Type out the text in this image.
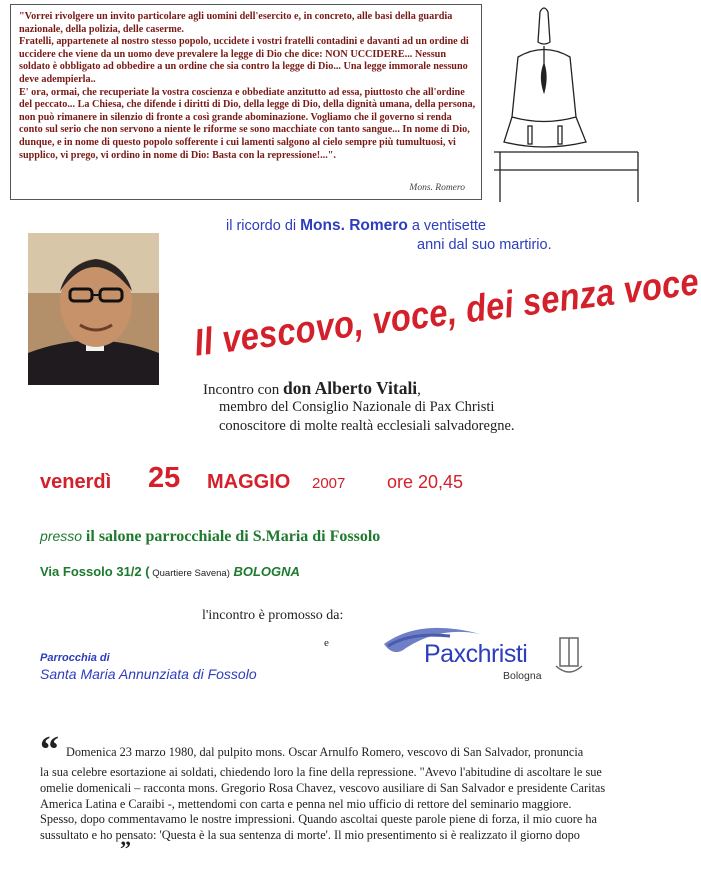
"Vorrei rivolgere un invito particolare agli uomini dell'esercito e, in concreto, alle basi della guardia nazionale, della polizia, delle caserme.

Fratelli, appartenete al nostro stesso popolo, uccidete i vostri fratelli contadini e davanti ad un ordine di uccidere che viene da un uomo deve prevalere la legge di Dio che dice: NON UCCIDERE... Nessun soldato è obbligato ad obbedire a un ordine che sia contro la legge di Dio... Una legge immorale nessuno deve adempierla..

E' ora, ormai, che recuperiate la vostra coscienza e obbediate anzitutto ad essa, piuttosto che all'ordine del peccato... La Chiesa, che difende i diritti di Dio, della legge di Dio, della dignità umana, della persona, non può rimanere in silenzio di fronte a così grande abominazione. Vogliamo che il governo si renda conto sul serio che non servono a niente le riforme se sono macchiate con tanto sangue... In nome di Dio, dunque, e in nome di questo popolo sofferente i cui lamenti salgono al cielo sempre più tumultuosi, vi supplico, vi prego, vi ordino in nome di Dio: Basta con la repressione!...".

Mons. Romero
il ricordo di Mons. Romero a ventisette
anni dal suo martirio.
Il vescovo, voce, dei senza voce
Incontro con don Alberto Vitali,
membro del Consiglio Nazionale di Pax Christi
conoscitore di molte realtà ecclesiali salvadoregne.
venerdì 25 MAGGIO 2007 ore 20,45
presso il salone parrocchiale di S.Maria di Fossolo
Via Fossolo 31/2 ( Quartiere Savena) BOLOGNA
l'incontro è promosso da:
e
Parrocchia di
Santa Maria Annunziata di Fossolo
Paxchristi
Bologna
“ Domenica 23 marzo 1980, dal pulpito mons. Oscar Arnulfo Romero, vescovo di San Salvador, pronuncia

la sua celebre esortazione ai soldati, chiedendo loro la fine della repressione. "Avevo l'abitudine di ascoltare le sue omelie domenicali – racconta mons. Gregorio Rosa Chavez, vescovo ausiliare di San Salvador e presidente Caritas America Latina e Caraibi -, mettendomi con carta e penna nel mio ufficio di rettore del seminario maggiore. Spesso, dopo commentavamo le nostre impressioni. Quando ascoltai queste parole piene di forza, il mio cuore ha sussultato e ho pensato: 'Questa è la sua sentenza di morte'. Il mio presentimento si è realizzato il giorno dopo

”
